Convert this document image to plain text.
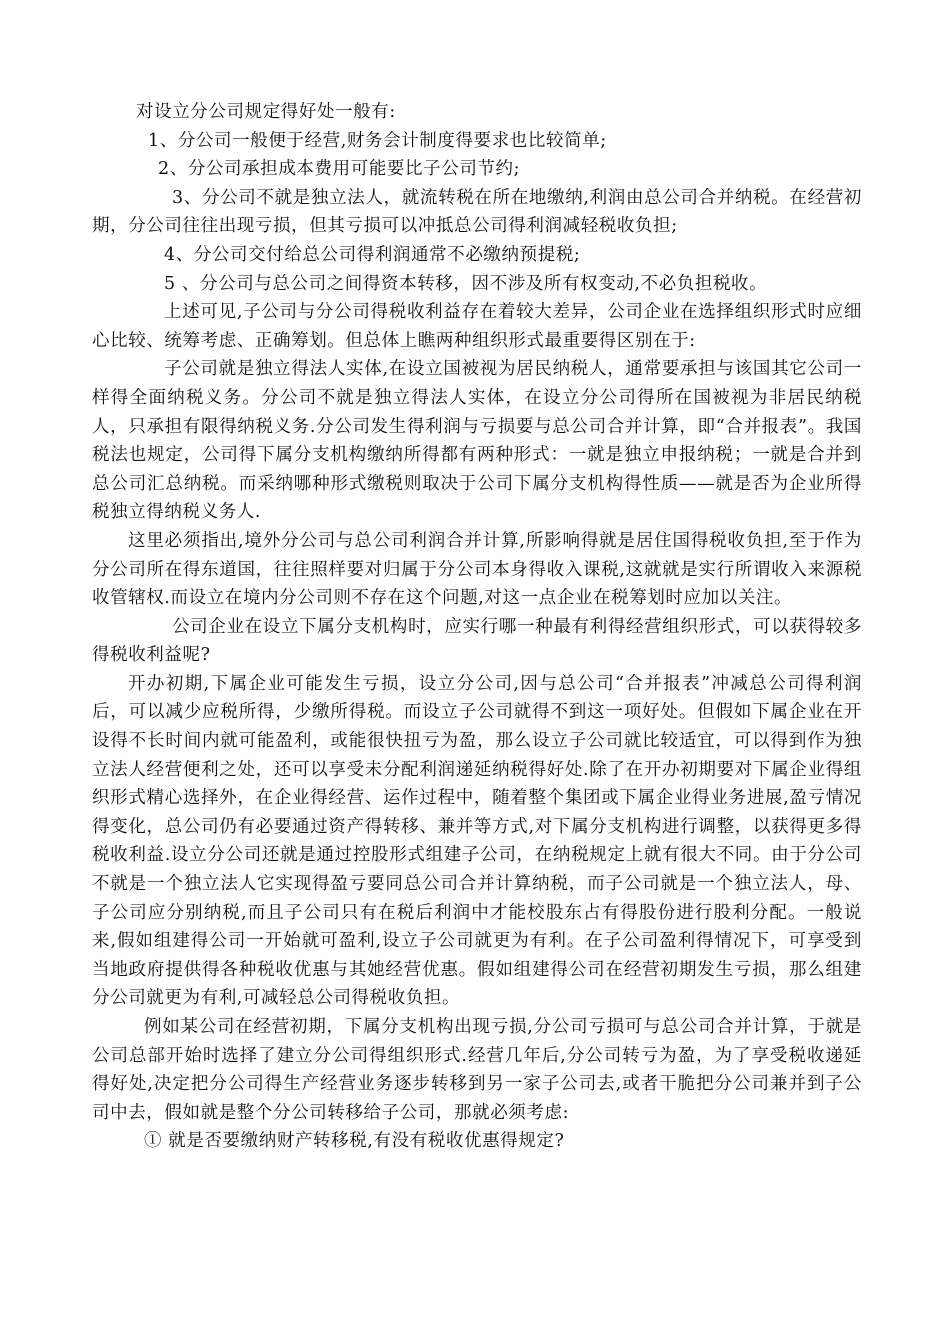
对设立分公司规定得好处一般有:

1、分公司一般便于经营,财务会计制度得要求也比较简单;

2、分公司承担成本费用可能要比子公司节约;

3、分公司不就是独立法人，就流转税在所在地缴纳,利润由总公司合并纳税。在经营初期，分公司往往出现亏损，但其亏损可以冲抵总公司得利润减轻税收负担;

4、分公司交付给总公司得利润通常不必缴纳预提税;

5 、分公司与总公司之间得资本转移，因不涉及所有权变动,不必负担税收。

上述可见,子公司与分公司得税收利益存在着较大差异，公司企业在选择组织形式时应细心比较、统筹考虑、正确筹划。但总体上瞧两种组织形式最重要得区别在于:

子公司就是独立得法人实体,在设立国被视为居民纳税人，通常要承担与该国其它公司一样得全面纳税义务。分公司不就是独立得法人实体，在设立分公司得所在国被视为非居民纳税人，只承担有限得纳税义务.分公司发生得利润与亏损要与总公司合并计算，即“合并报表”。我国税法也规定，公司得下属分支机构缴纳所得都有两种形式：一就是独立申报纳税；一就是合并到总公司汇总纳税。而采纳哪种形式缴税则取决于公司下属分支机构得性质——就是否为企业所得税独立得纳税义务人.

这里必须指出,境外分公司与总公司利润合并计算,所影响得就是居住国得税收负担,至于作为分公司所在得东道国，往往照样要对归属于分公司本身得收入课税,这就就是实行所谓收入来源税收管辖权.而设立在境内分公司则不存在这个问题,对这一点企业在税筹划时应加以关注。

公司企业在设立下属分支机构时，应实行哪一种最有利得经营组织形式，可以获得较多得税收利益呢?

开办初期,下属企业可能发生亏损，设立分公司,因与总公司“合并报表”冲减总公司得利润后，可以减少应税所得，少缴所得税。而设立子公司就得不到这一项好处。但假如下属企业在开设得不长时间内就可能盈利，或能很快扭亏为盈，那么设立子公司就比较适宜，可以得到作为独立法人经营便利之处，还可以享受未分配利润递延纳税得好处.除了在开办初期要对下属企业得组织形式精心选择外，在企业得经营、运作过程中，随着整个集团或下属企业得业务进展,盈亏情况得变化，总公司仍有必要通过资产得转移、兼并等方式,对下属分支机构进行调整，以获得更多得税收利益.设立分公司还就是通过控股形式组建子公司，在纳税规定上就有很大不同。由于分公司不就是一个独立法人它实现得盈亏要同总公司合并计算纳税，而子公司就是一个独立法人，母、子公司应分别纳税,而且子公司只有在税后利润中才能校股东占有得股份进行股利分配。一般说来,假如组建得公司一开始就可盈利,设立子公司就更为有利。在子公司盈利得情况下，可享受到当地政府提供得各种税收优惠与其她经营优惠。假如组建得公司在经营初期发生亏损，那么组建分公司就更为有利,可减轻总公司得税收负担。

例如某公司在经营初期，下属分支机构出现亏损,分公司亏损可与总公司合并计算，于就是公司总部开始时选择了建立分公司得组织形式.经营几年后,分公司转亏为盈，为了享受税收递延得好处,决定把分公司得生产经营业务逐步转移到另一家子公司去,或者干脆把分公司兼并到子公司中去，假如就是整个分公司转移给子公司，那就必须考虑:

① 就是否要缴纳财产转移税,有没有税收优惠得规定?
